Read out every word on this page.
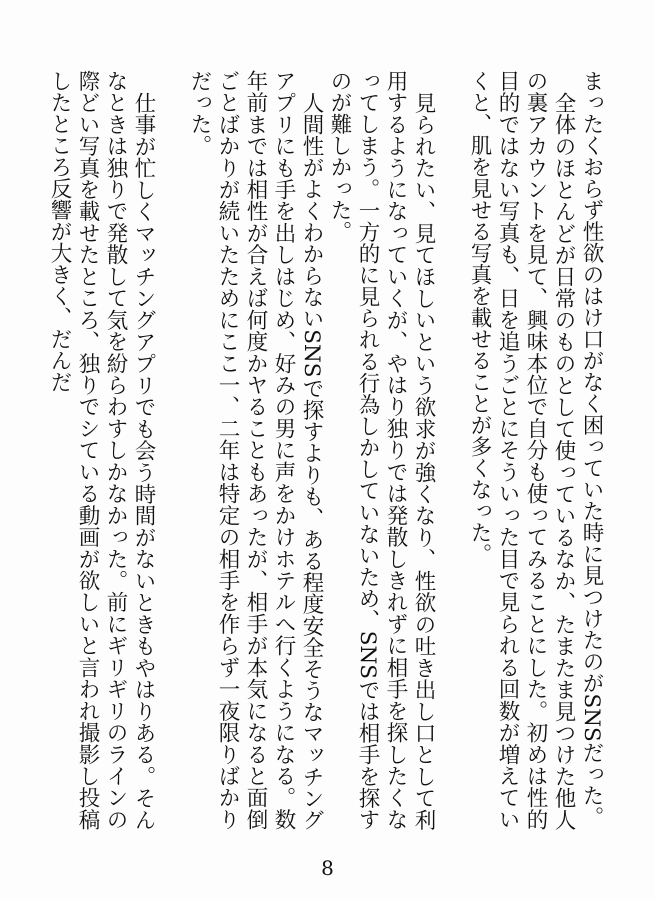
まったくおらず性欲のはけ口がなく困っていた時に見つけたのがSNSだった。

全体のほとんどが日常のものとして使っているなか、たまたま見つけた他人の裏アカウントを見て、興味本位で自分も使ってみることにした。初めは性的目的ではない写真も、日を追うごとにそういった目で見られる回数が増えていくと、肌を見せる写真を載せることが多くなった。

見られたい、見てほしいという欲求が強くなり、性欲の吐き出し口として利用するようになっていくが、やはり独りでは発散しきれずに相手を探したくなってしまう。一方的に見られる行為しかしていないため、SNSでは相手を探すのが難しかった。

人間性がよくわからないSNSで探すよりも、ある程度安全そうなマッチングアプリにも手を出しはじめ、好みの男に声をかけホテルへ行くようになる。数年前までは相性が合えば何度かヤることもあったが、相手が本気になると面倒ごとばかりが続いたためにここ一、二年は特定の相手を作らず一夜限りばかりだった。

仕事が忙しくマッチングアプリでも会う時間がないときもやはりある。そんなときは独りで発散して気を紛らわすしかなかった。前にギリギリのラインの際どい写真を載せたところ、独りでシている動画が欲しいと言われ撮影し投稿したところ反響が大きく、だんだ

8
